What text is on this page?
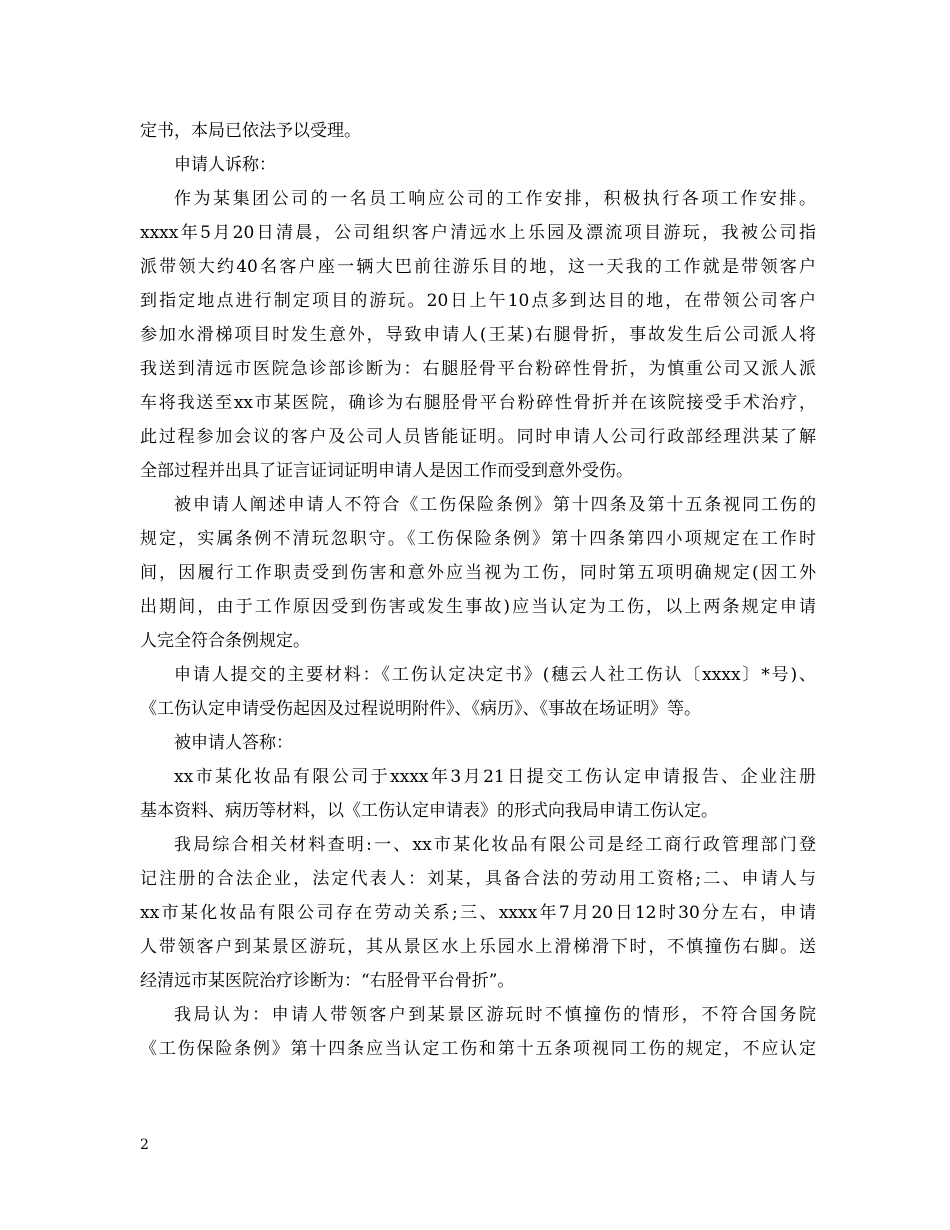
定书，本局已依法予以受理。
申请人诉称：
作为某集团公司的一名员工响应公司的工作安排，积极执行各项工作安排。
xxxx年5月20日清晨，公司组织客户清远水上乐园及漂流项目游玩，我被公司指
派带领大约40名客户座一辆大巴前往游乐目的地，这一天我的工作就是带领客户
到指定地点进行制定项目的游玩。20日上午10点多到达目的地，在带领公司客户
参加水滑梯项目时发生意外，导致申请人(王某)右腿骨折，事故发生后公司派人将
我送到清远市医院急诊部诊断为：右腿胫骨平台粉碎性骨折，为慎重公司又派人派
车将我送至xx市某医院，确诊为右腿胫骨平台粉碎性骨折并在该院接受手术治疗，
此过程参加会议的客户及公司人员皆能证明。同时申请人公司行政部经理洪某了解
全部过程并出具了证言证词证明申请人是因工作而受到意外受伤。
被申请人阐述申请人不符合《工伤保险条例》第十四条及第十五条视同工伤的
规定，实属条例不清玩忽职守。《工伤保险条例》第十四条第四小项规定在工作时
间，因履行工作职责受到伤害和意外应当视为工伤，同时第五项明确规定(因工外
出期间，由于工作原因受到伤害或发生事故)应当认定为工伤，以上两条规定申请
人完全符合条例规定。
申请人提交的主要材料：《工伤认定决定书》(穗云人社工伤认〔xxxx〕*号)、
《工伤认定申请受伤起因及过程说明附件》、《病历》、《事故在场证明》等。
被申请人答称：
xx市某化妆品有限公司于xxxx年3月21日提交工伤认定申请报告、企业注册
基本资料、病历等材料，以《工伤认定申请表》的形式向我局申请工伤认定。
我局综合相关材料查明:一、xx市某化妆品有限公司是经工商行政管理部门登
记注册的合法企业，法定代表人：刘某，具备合法的劳动用工资格;二、申请人与
xx市某化妆品有限公司存在劳动关系;三、xxxx年7月20日12时30分左右，申请
人带领客户到某景区游玩，其从景区水上乐园水上滑梯滑下时，不慎撞伤右脚。送
经清远市某医院治疗诊断为：“右胫骨平台骨折”。
我局认为：申请人带领客户到某景区游玩时不慎撞伤的情形，不符合国务院
《工伤保险条例》第十四条应当认定工伤和第十五条项视同工伤的规定，不应认定
2
